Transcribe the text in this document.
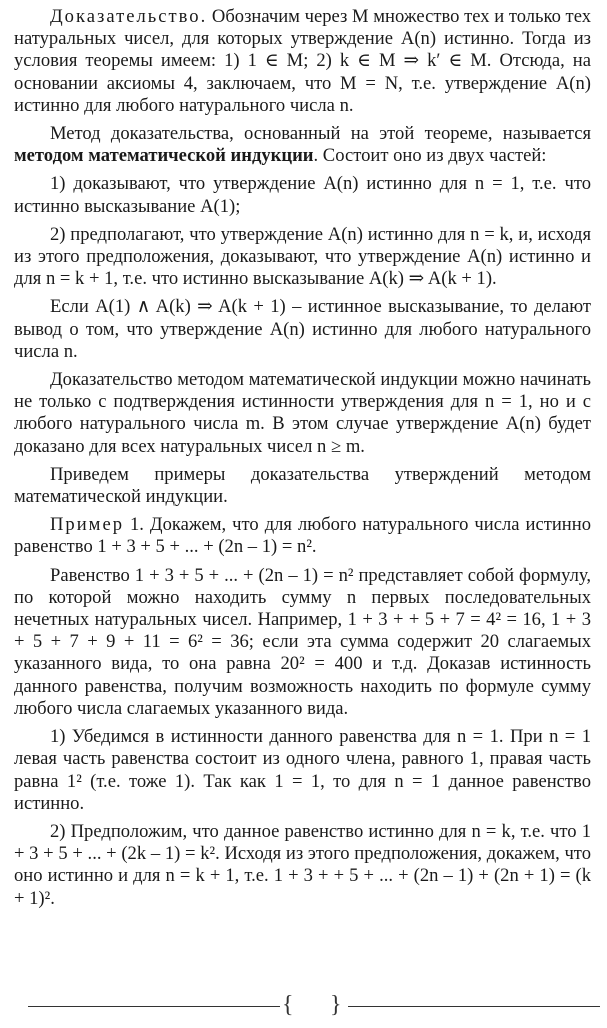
Доказательство. Обозначим через M множество тех и только тех натуральных чисел, для которых утверждение A(n) истинно. Тогда из условия теоремы имеем: 1) 1 ∈ M; 2) k ∈ M ⇒ k′ ∈ M. Отсюда, на основании аксиомы 4, заключаем, что M = N, т.е. утверждение A(n) истинно для любого натурального числа n.

Метод доказательства, основанный на этой теореме, называется методом математической индукции. Состоит оно из двух частей:

1) доказывают, что утверждение A(n) истинно для n = 1, т.е. что истинно высказывание A(1);

2) предполагают, что утверждение A(n) истинно для n = k, и, исходя из этого предположения, доказывают, что утверждение A(n) истинно и для n = k + 1, т.е. что истинно высказывание A(k) ⇒ A(k + 1).

Если A(1) ∧ A(k) ⇒ A(k + 1) – истинное высказывание, то делают вывод о том, что утверждение A(n) истинно для любого натурального числа n.

Доказательство методом математической индукции можно начинать не только с подтверждения истинности утверждения для n = 1, но и с любого натурального числа m. В этом случае утверждение A(n) будет доказано для всех натуральных чисел n ≥ m.

Приведем примеры доказательства утверждений методом математической индукции.

Пример 1. Докажем, что для любого натурального числа истинно равенство 1 + 3 + 5 + ... + (2n – 1) = n².

Равенство 1 + 3 + 5 + ... + (2n – 1) = n² представляет собой формулу, по которой можно находить сумму n первых последовательных нечетных натуральных чисел. Например, 1 + 3 + + 5 + 7 = 4² = 16, 1 + 3 + 5 + 7 + 9 + 11 = 6² = 36; если эта сумма содержит 20 слагаемых указанного вида, то она равна 20² = 400 и т.д. Доказав истинность данного равенства, получим возможность находить по формуле сумму любого числа слагаемых указанного вида.

1) Убедимся в истинности данного равенства для n = 1. При n = 1 левая часть равенства состоит из одного члена, равного 1, правая часть равна 1² (т.е. тоже 1). Так как 1 = 1, то для n = 1 данное равенство истинно.

2) Предположим, что данное равенство истинно для n = k, т.е. что 1 + 3 + 5 + ... + (2k – 1) = k². Исходя из этого предположения, докажем, что оно истинно и для n = k + 1, т.е. 1 + 3 + + 5 + ... + (2n – 1) + (2n + 1) = (k + 1)².

{ }
